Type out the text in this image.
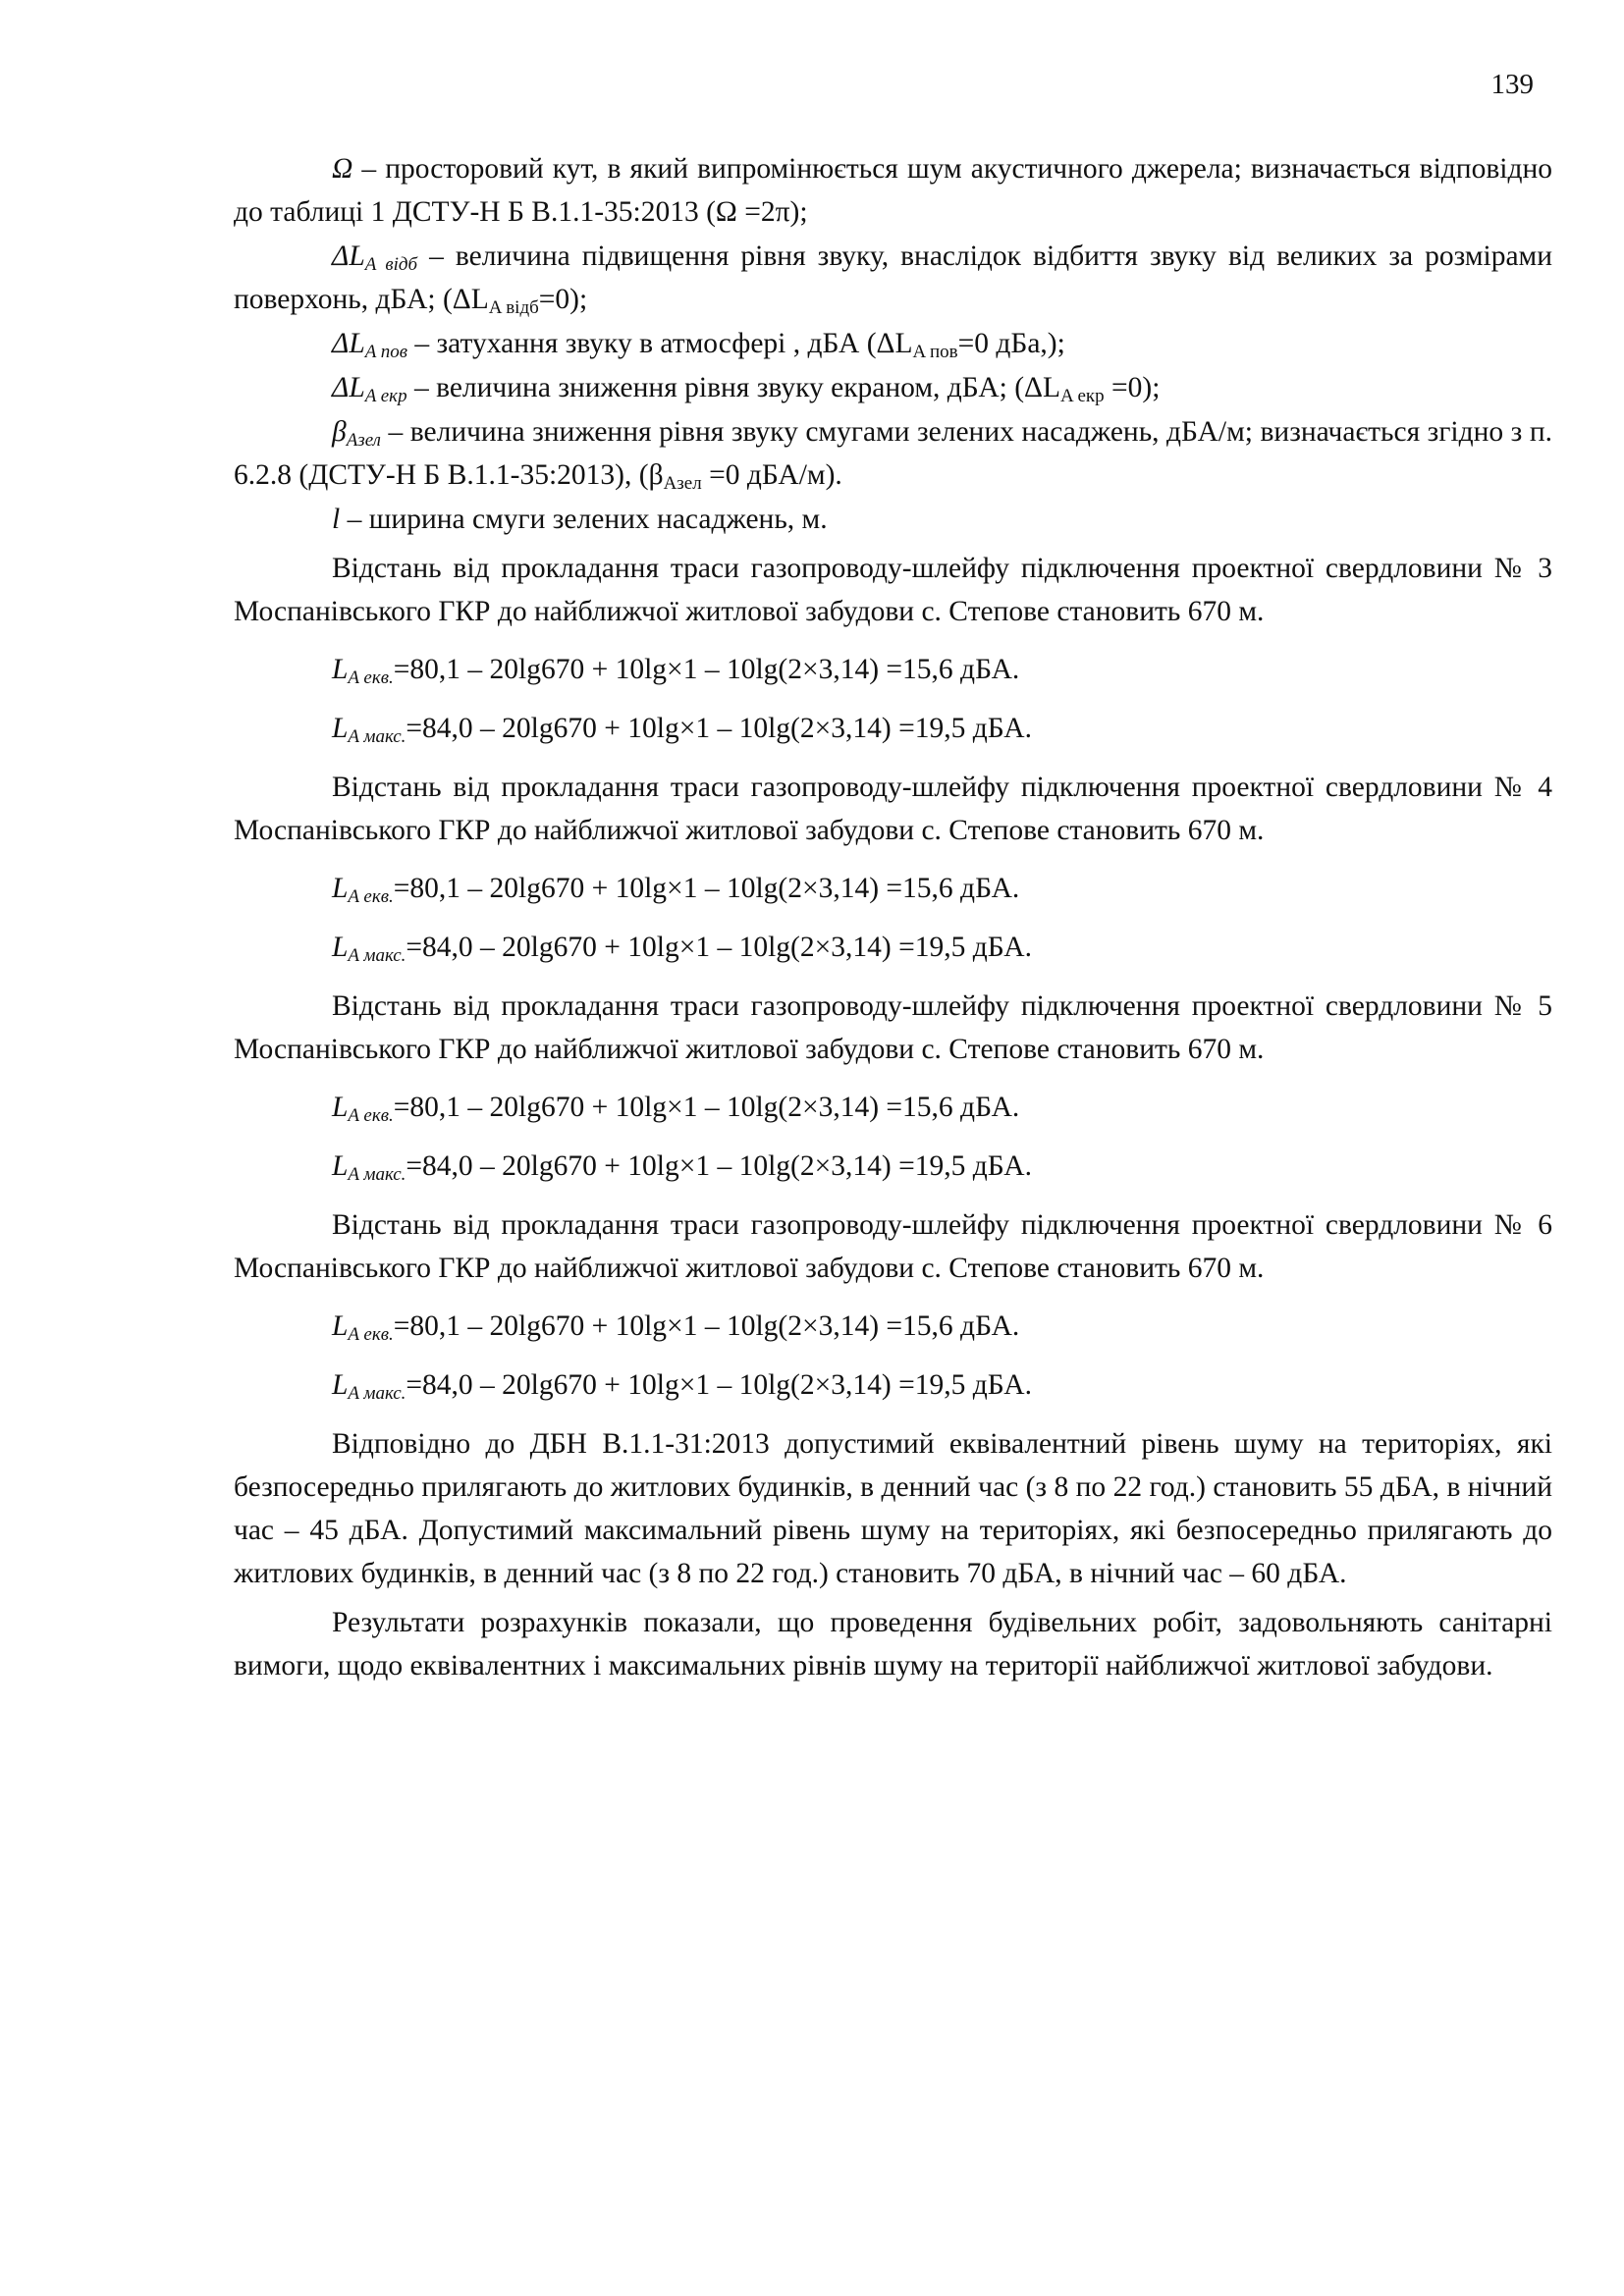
139

Ω – просторовий кут, в який випромінюється шум акустичного джерела; визначається відповідно до таблиці 1 ДСТУ-Н Б В.1.1-35:2013 (Ω =2π);

ΔLA відб – величина підвищення рівня звуку, внаслідок відбиття звуку від великих за розмірами поверхонь, дБА; (ΔLA відб=0);

ΔLA пов – затухання звуку в атмосфері , дБА (ΔLA пов=0 дБа,);

ΔLA екр – величина зниження рівня звуку екраном, дБА; (ΔLA екр =0);

βАзел – величина зниження рівня звуку смугами зелених насаджень, дБА/м; визначається згідно з п. 6.2.8 (ДСТУ-Н Б В.1.1-35:2013), (βАзел =0 дБА/м).

l – ширина смуги зелених насаджень, м.

Відстань від прокладання траси газопроводу-шлейфу підключення проектної свердловини № 3 Моспанівського ГКР до найближчої житлової забудови с. Степове становить 670 м.

LA екв.=80,1 – 20lg670 + 10lg×1 – 10lg(2×3,14) =15,6 дБА.
LA макс.=84,0 – 20lg670 + 10lg×1 – 10lg(2×3,14) =19,5 дБА.

Відстань від прокладання траси газопроводу-шлейфу підключення проектної свердловини № 4 Моспанівського ГКР до найближчої житлової забудови с. Степове становить 670 м.

LA екв.=80,1 – 20lg670 + 10lg×1 – 10lg(2×3,14) =15,6 дБА.
LA макс.=84,0 – 20lg670 + 10lg×1 – 10lg(2×3,14) =19,5 дБА.

Відстань від прокладання траси газопроводу-шлейфу підключення проектної свердловини № 5 Моспанівського ГКР до найближчої житлової забудови с. Степове становить 670 м.

LA екв.=80,1 – 20lg670 + 10lg×1 – 10lg(2×3,14) =15,6 дБА.
LA макс.=84,0 – 20lg670 + 10lg×1 – 10lg(2×3,14) =19,5 дБА.

Відстань від прокладання траси газопроводу-шлейфу підключення проектної свердловини № 6 Моспанівського ГКР до найближчої житлової забудови с. Степове становить 670 м.

LA екв.=80,1 – 20lg670 + 10lg×1 – 10lg(2×3,14) =15,6 дБА.
LA макс.=84,0 – 20lg670 + 10lg×1 – 10lg(2×3,14) =19,5 дБА.

Відповідно до ДБН В.1.1-31:2013 допустимий еквівалентний рівень шуму на територіях, які безпосередньо прилягають до житлових будинків, в денний час (з 8 по 22 год.) становить 55 дБА, в нічний час – 45 дБА. Допустимий максимальний рівень шуму на територіях, які безпосередньо прилягають до житлових будинків, в денний час (з 8 по 22 год.) становить 70 дБА, в нічний час – 60 дБА.

Результати розрахунків показали, що проведення будівельних робіт, задовольняють санітарні вимоги, щодо еквівалентних і максимальних рівнів шуму на території найближчої житлової забудови.
